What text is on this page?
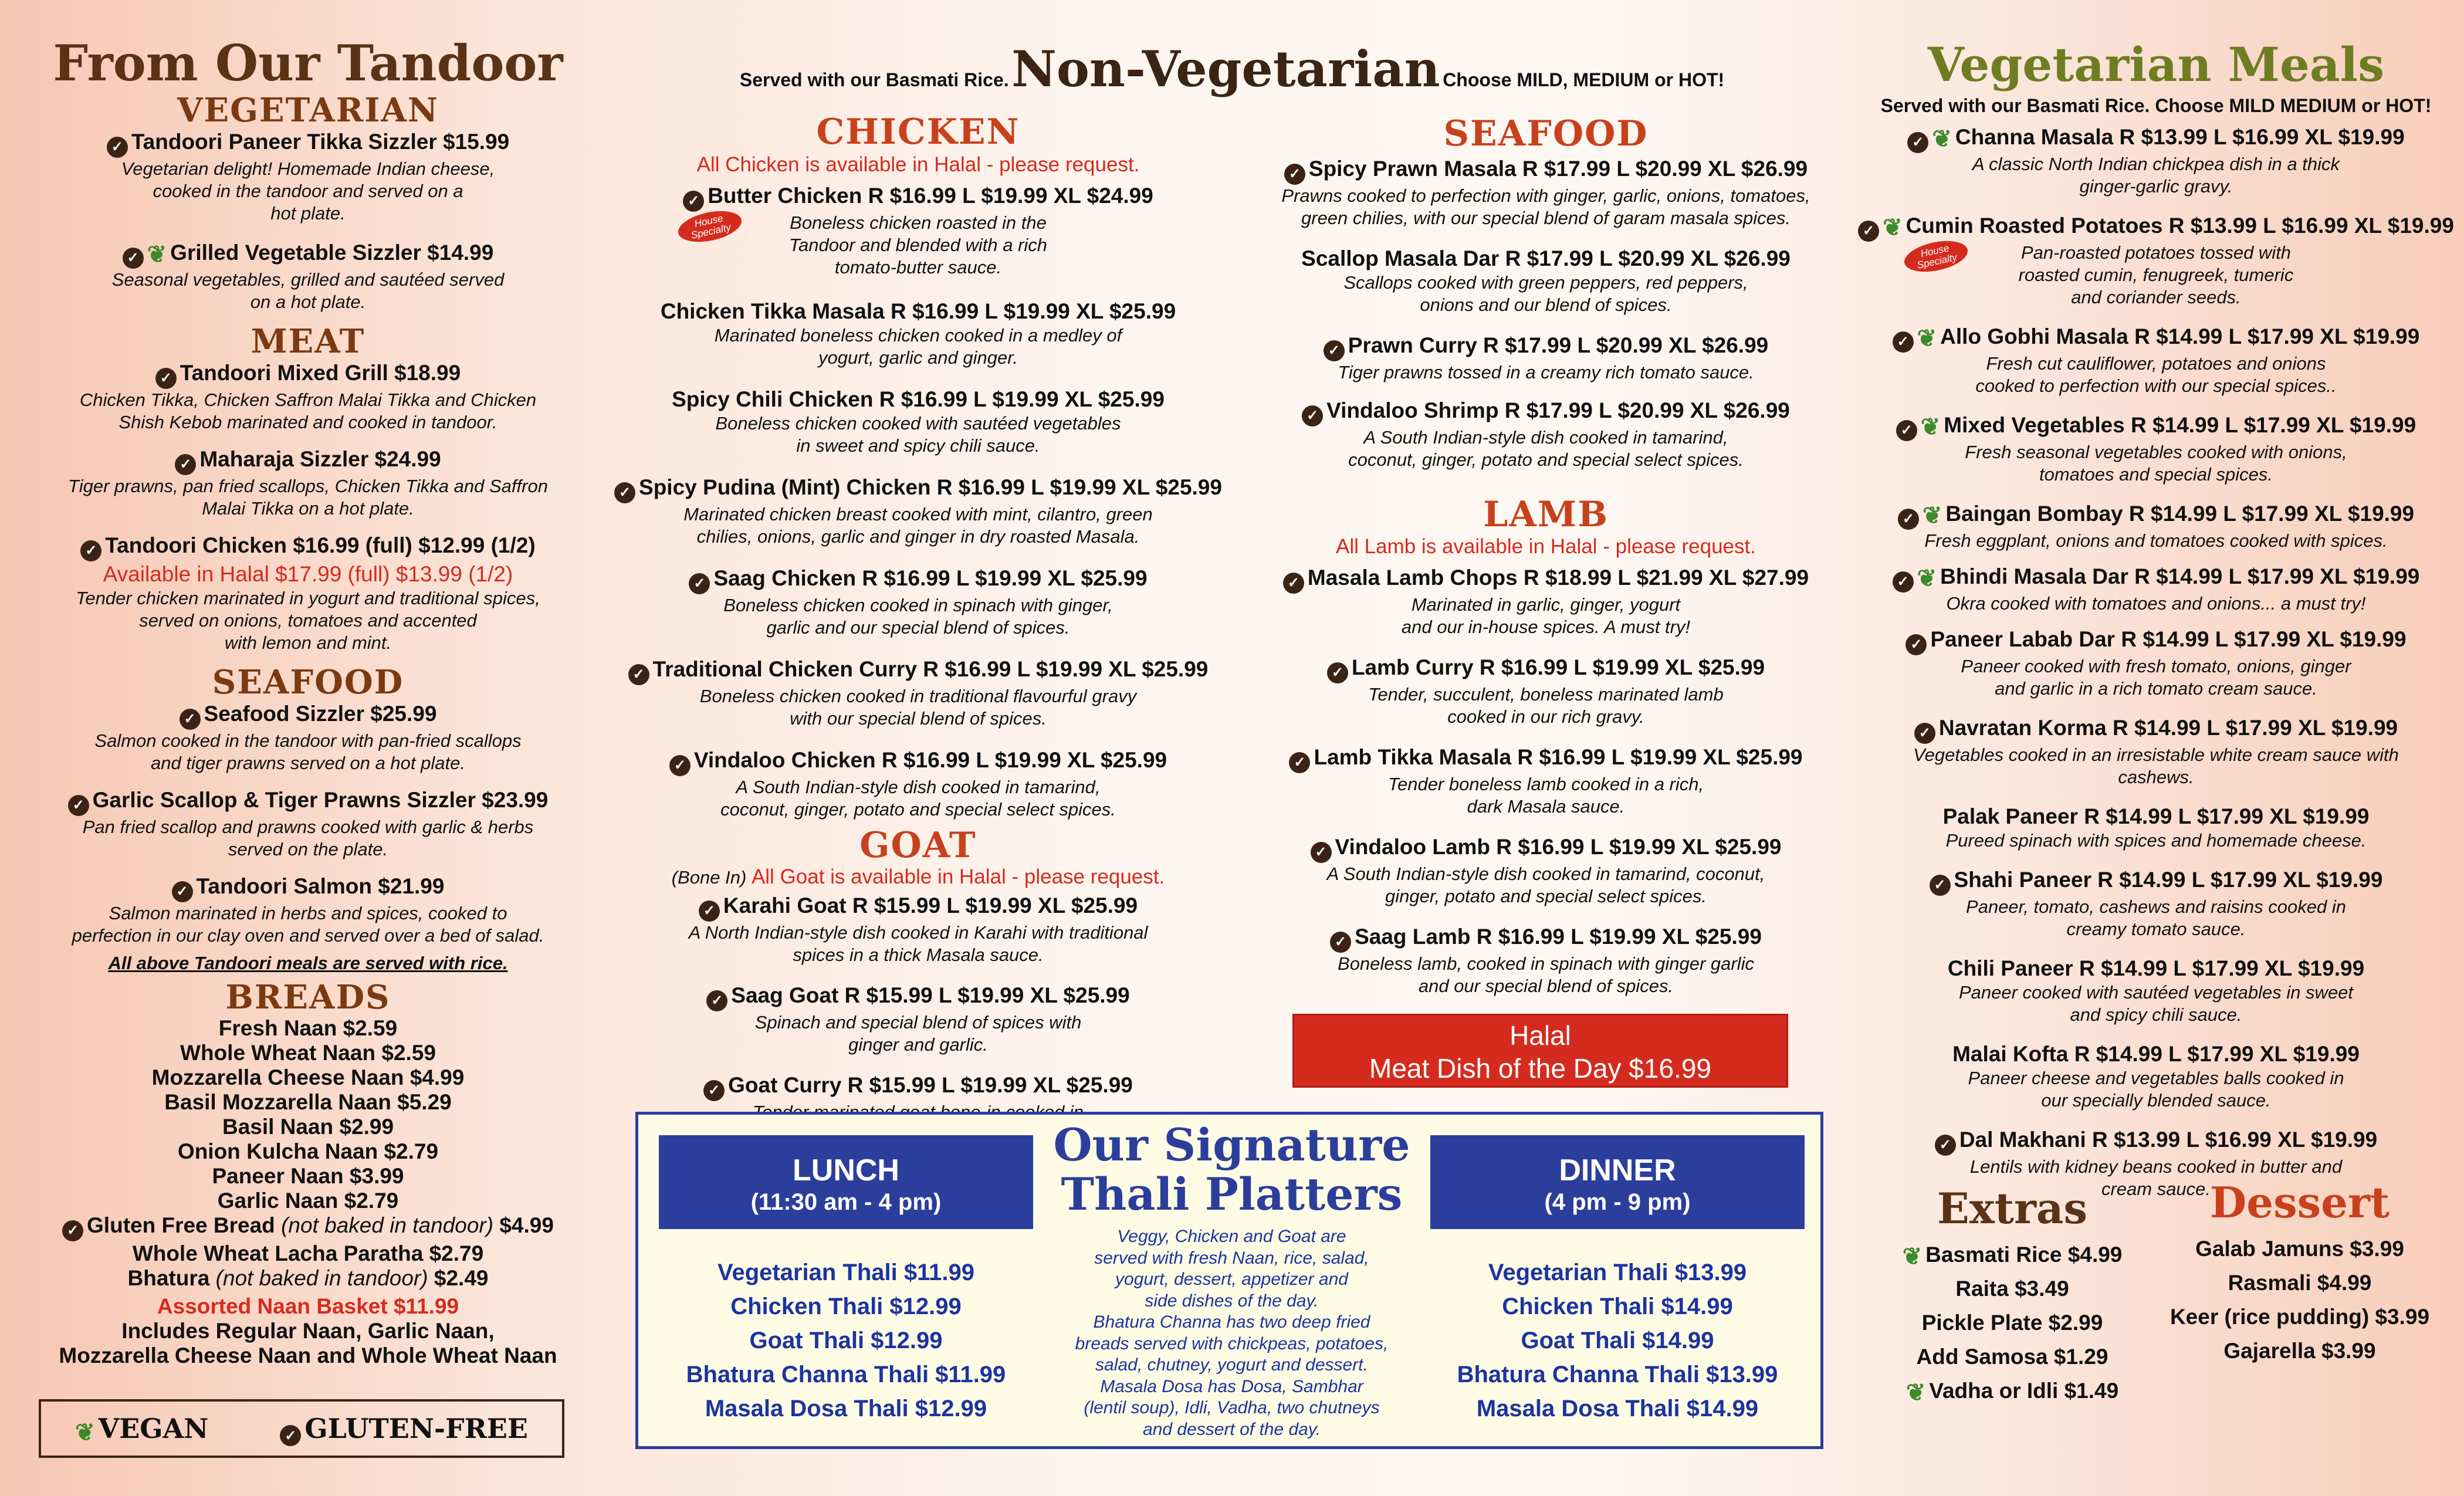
From Our Tandoor
VEGETARIAN
✓ Tandoori Paneer Tikka Sizzler $15.99
Vegetarian delight! Homemade Indian cheese,
cooked in the tandoor and served on a
hot plate.
✓ ❦ Grilled Vegetable Sizzler $14.99
Seasonal vegetables, grilled and sautéed served
on a hot plate.
MEAT
✓ Tandoori Mixed Grill $18.99
Chicken Tikka, Chicken Saffron Malai Tikka and Chicken
Shish Kebob marinated and cooked in tandoor.
✓ Maharaja Sizzler $24.99
Tiger prawns, pan fried scallops, Chicken Tikka and Saffron
Malai Tikka on a hot plate.
✓ Tandoori Chicken $16.99 (full) $12.99 (1/2)
Available in Halal $17.99 (full) $13.99 (1/2)
Tender chicken marinated in yogurt and traditional spices,
served on onions, tomatoes and accented
with lemon and mint.
SEAFOOD
✓ Seafood Sizzler $25.99
Salmon cooked in the tandoor with pan-fried scallops
and tiger prawns served on a hot plate.
✓ Garlic Scallop & Tiger Prawns Sizzler $23.99
Pan fried scallop and prawns cooked with garlic & herbs
served on the plate.
✓ Tandoori Salmon $21.99
Salmon marinated in herbs and spices, cooked to
perfection in our clay oven and served over a bed of salad.
All above Tandoori meals are served with rice.
BREADS
Fresh Naan $2.59
Whole Wheat Naan $2.59
Mozzarella Cheese Naan $4.99
Basil Mozzarella Naan $5.29
Basil Naan $2.99
Onion Kulcha Naan $2.79
Paneer Naan $3.99
Garlic Naan $2.79
✓ Gluten Free Bread (not baked in tandoor) $4.99
Whole Wheat Lacha Paratha $2.79
Bhatura (not baked in tandoor) $2.49
Assorted Naan Basket $11.99
Includes Regular Naan, Garlic Naan,
Mozzarella Cheese Naan and Whole Wheat Naan
❦ VEGAN	✓ GLUTEN-FREE
Served with our Basmati Rice. Non-Vegetarian Choose MILD, MEDIUM or HOT!
CHICKEN
All Chicken is available in Halal - please request.
✓ Butter Chicken R $16.99 L $19.99 XL $24.99
House Specialty	Boneless chicken roasted in the
Tandoor and blended with a rich
tomato-butter sauce.
Chicken Tikka Masala R $16.99 L $19.99 XL $25.99
Marinated boneless chicken cooked in a medley of
yogurt, garlic and ginger.
Spicy Chili Chicken R $16.99 L $19.99 XL $25.99
Boneless chicken cooked with sautéed vegetables
in sweet and spicy chili sauce.
✓ Spicy Pudina (Mint) Chicken R $16.99 L $19.99 XL $25.99
Marinated chicken breast cooked with mint, cilantro, green
chilies, onions, garlic and ginger in dry roasted Masala.
✓ Saag Chicken R $16.99 L $19.99 XL $25.99
Boneless chicken cooked in spinach with ginger,
garlic and our special blend of spices.
✓ Traditional Chicken Curry R $16.99 L $19.99 XL $25.99
Boneless chicken cooked in traditional flavourful gravy
with our special blend of spices.
✓ Vindaloo Chicken R $16.99 L $19.99 XL $25.99
A South Indian-style dish cooked in tamarind,
coconut, ginger, potato and special select spices.
GOAT
(Bone In) All Goat is available in Halal - please request.
✓ Karahi Goat R $15.99 L $19.99 XL $25.99
A North Indian-style dish cooked in Karahi with traditional
spices in a thick Masala sauce.
✓ Saag Goat R $15.99 L $19.99 XL $25.99
Spinach and special blend of spices with
ginger and garlic.
✓ Goat Curry R $15.99 L $19.99 XL $25.99
SEAFOOD
✓ Spicy Prawn Masala R $17.99 L $20.99 XL $26.99
Prawns cooked to perfection with ginger, garlic, onions, tomatoes,
green chilies, with our special blend of garam masala spices.
Scallop Masala Dar R $17.99 L $20.99 XL $26.99
Scallops cooked with green peppers, red peppers,
onions and our blend of spices.
✓ Prawn Curry R $17.99 L $20.99 XL $26.99
Tiger prawns tossed in a creamy rich tomato sauce.
✓ Vindaloo Shrimp R $17.99 L $20.99 XL $26.99
A South Indian-style dish cooked in tamarind,
coconut, ginger, potato and special select spices.
LAMB
All Lamb is available in Halal - please request.
✓ Masala Lamb Chops R $18.99 L $21.99 XL $27.99
Marinated in garlic, ginger, yogurt
and our in-house spices. A must try!
✓ Lamb Curry R $16.99 L $19.99 XL $25.99
Tender, succulent, boneless marinated lamb
cooked in our rich gravy.
✓ Lamb Tikka Masala R $16.99 L $19.99 XL $25.99
Tender boneless lamb cooked in a rich,
dark Masala sauce.
✓ Vindaloo Lamb R $16.99 L $19.99 XL $25.99
A South Indian-style dish cooked in tamarind, coconut,
ginger, potato and special select spices.
✓ Saag Lamb R $16.99 L $19.99 XL $25.99
Boneless lamb, cooked in spinach with ginger garlic
and our special blend of spices.
Halal
Meat Dish of the Day $16.99
LUNCH
(11:30 am - 4 pm)
DINNER
(4 pm - 9 pm)
Our Signature
Thali Platters
Veggy, Chicken and Goat are
served with fresh Naan, rice, salad,
yogurt, dessert, appetizer and
side dishes of the day.
Bhatura Channa has two deep fried
breads served with chickpeas, potatoes,
salad, chutney, yogurt and dessert.
Masala Dosa has Dosa, Sambhar
(lentil soup), Idli, Vadha, two chutneys
and dessert of the day.
Vegetarian Thali $11.99
Chicken Thali $12.99
Goat Thali $12.99
Bhatura Channa Thali $11.99
Masala Dosa Thali $12.99
Vegetarian Thali $13.99
Chicken Thali $14.99
Goat Thali $14.99
Bhatura Channa Thali $13.99
Masala Dosa Thali $14.99
Vegetarian Meals
Served with our Basmati Rice. Choose MILD MEDIUM or HOT!
✓ ❦ Channa Masala R $13.99 L $16.99 XL $19.99
A classic North Indian chickpea dish in a thick
ginger-garlic gravy.
✓ ❦ Cumin Roasted Potatoes R $13.99 L $16.99 XL $19.99
House Specialty	Pan-roasted potatoes tossed with
roasted cumin, fenugreek, tumeric
and coriander seeds.
✓ ❦ Allo Gobhi Masala R $14.99 L $17.99 XL $19.99
Fresh cut cauliflower, potatoes and onions
cooked to perfection with our special spices..
✓ ❦ Mixed Vegetables R $14.99 L $17.99 XL $19.99
Fresh seasonal vegetables cooked with onions,
tomatoes and special spices.
✓ ❦ Baingan Bombay R $14.99 L $17.99 XL $19.99
Fresh eggplant, onions and tomatoes cooked with spices.
✓ ❦ Bhindi Masala Dar R $14.99 L $17.99 XL $19.99
Okra cooked with tomatoes and onions... a must try!
✓ Paneer Labab Dar R $14.99 L $17.99 XL $19.99
Paneer cooked with fresh tomato, onions, ginger
and garlic in a rich tomato cream sauce.
✓ Navratan Korma R $14.99 L $17.99 XL $19.99
Vegetables cooked in an irresistable white cream sauce with
cashews.
Palak Paneer R $14.99 L $17.99 XL $19.99
Pureed spinach with spices and homemade cheese.
✓ Shahi Paneer R $14.99 L $17.99 XL $19.99
Paneer, tomato, cashews and raisins cooked in
creamy tomato sauce.
Chili Paneer R $14.99 L $17.99 XL $19.99
Paneer cooked with sautéed vegetables in sweet
and spicy chili sauce.
Malai Kofta R $14.99 L $17.99 XL $19.99
Paneer cheese and vegetables balls cooked in
our specially blended sauce.
✓ Dal Makhani R $13.99 L $16.99 XL $19.99
Lentils with kidney beans cooked in butter and
cream sauce.
Extras
❦ Basmati Rice $4.99
Raita $3.49
Pickle Plate $2.99
Add Samosa $1.29
❦ Vadha or Idli $1.49
Dessert
Galab Jamuns $3.99
Rasmali $4.99
Keer (rice pudding) $3.99
Gajarella $3.99
